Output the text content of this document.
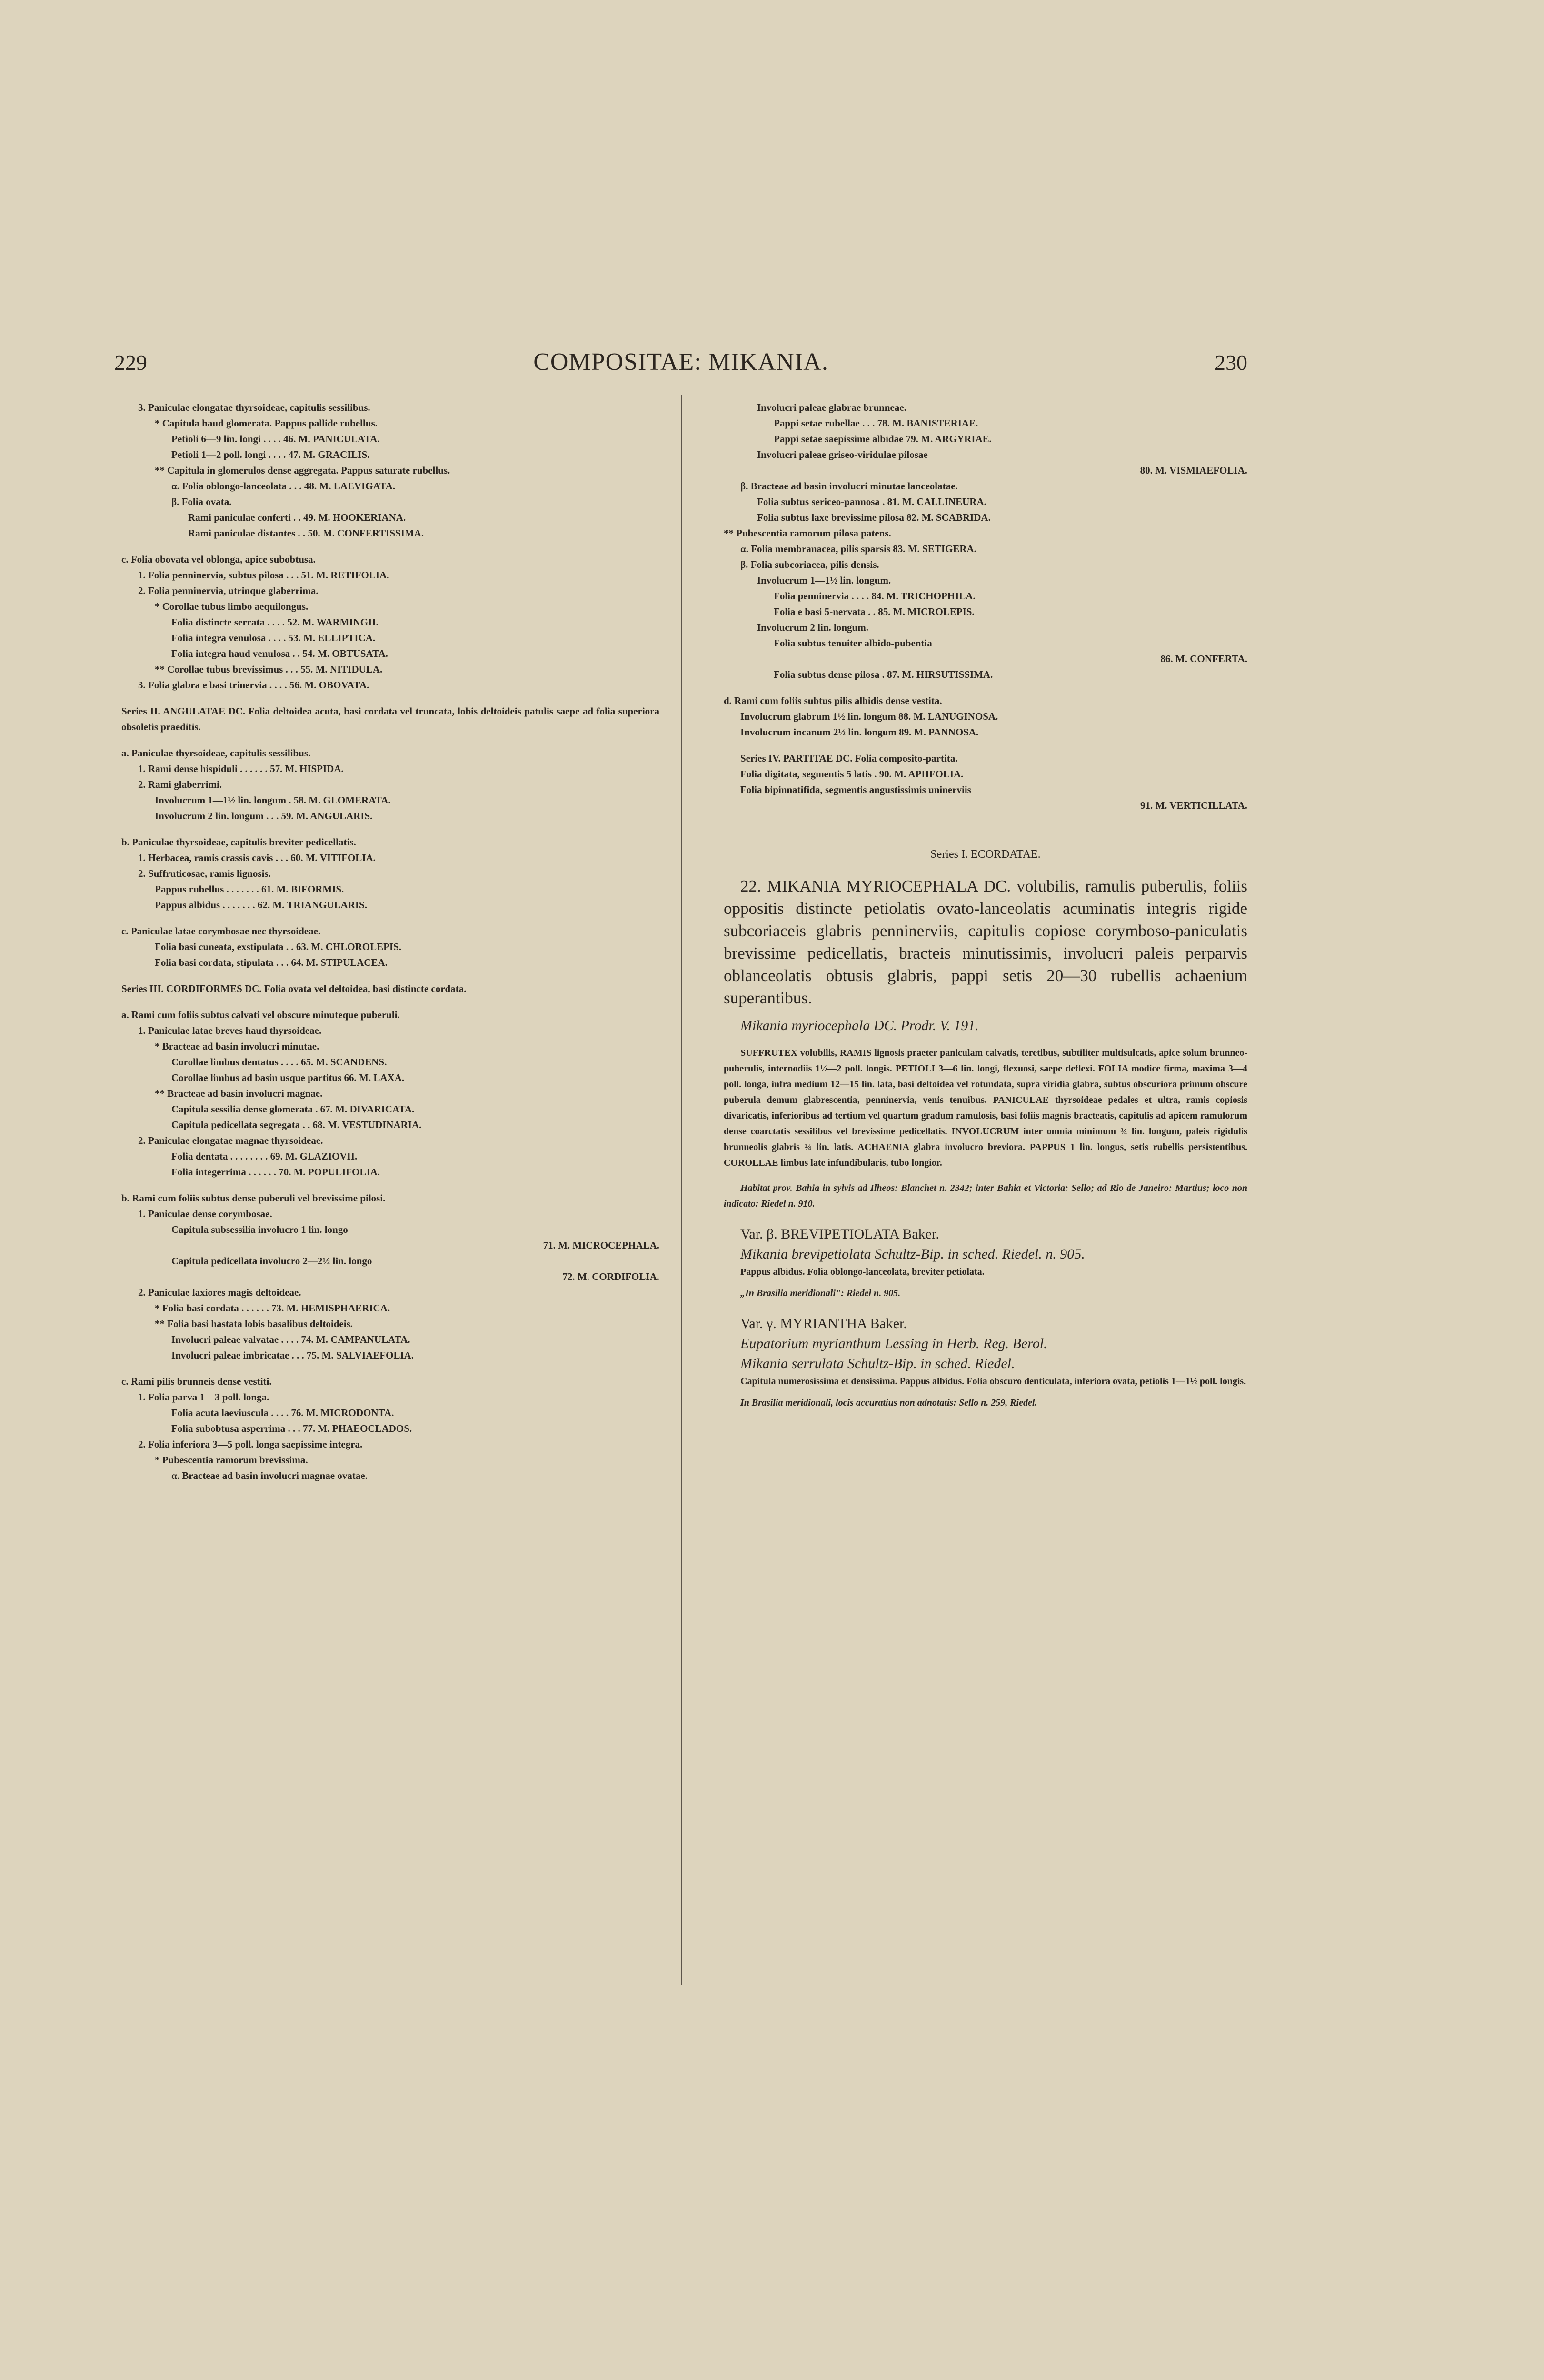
229	COMPOSITAE: MIKANIA.	230
3. Paniculae elongatae thyrsoideae, capitulis sessilibus.
* Capitula haud glomerata. Pappus pallide rubellus.
Petioli 6—9 lin. longi . . . . 46. M. PANICULATA.
Petioli 1—2 poll. longi . . . . 47. M. GRACILIS.
** Capitula in glomerulos dense aggregata. Pappus saturate rubellus.
α. Folia oblongo-lanceolata . . . 48. M. LAEVIGATA.
β. Folia ovata.
Rami paniculae conferti . . 49. M. HOOKERIANA.
Rami paniculae distantes . . 50. M. CONFERTISSIMA.
c. Folia obovata vel oblonga, apice subobtusa.
1. Folia penninervia, subtus pilosa . . . 51. M. RETIFOLIA.
2. Folia penninervia, utrinque glaberrima.
* Corollae tubus limbo aequilongus.
Folia distincte serrata . . . . 52. M. WARMINGII.
Folia integra venulosa . . . . 53. M. ELLIPTICA.
Folia integra haud venulosa . . 54. M. OBTUSATA.
** Corollae tubus brevissimus . . . 55. M. NITIDULA.
3. Folia glabra e basi trinervia . . . . 56. M. OBOVATA.
Series II. ANGULATAE DC. Folia deltoidea acuta, basi cordata vel truncata, lobis deltoideis patulis saepe ad folia superiora obsoletis praeditis.
a. Paniculae thyrsoideae, capitulis sessilibus.
1. Rami dense hispiduli . . . . . . 57. M. HISPIDA.
2. Rami glaberrimi.
Involucrum 1—1½ lin. longum . 58. M. GLOMERATA.
Involucrum 2 lin. longum . . . 59. M. ANGULARIS.
b. Paniculae thyrsoideae, capitulis breviter pedicellatis.
1. Herbacea, ramis crassis cavis . . . 60. M. VITIFOLIA.
2. Suffruticosae, ramis lignosis.
Pappus rubellus . . . . . . . 61. M. BIFORMIS.
Pappus albidus . . . . . . . 62. M. TRIANGULARIS.
c. Paniculae latae corymbosae nec thyrsoideae.
Folia basi cuneata, exstipulata . . 63. M. CHLOROLEPIS.
Folia basi cordata, stipulata . . . 64. M. STIPULACEA.
Series III. CORDIFORMES DC. Folia ovata vel deltoidea, basi distincte cordata.
a. Rami cum foliis subtus calvati vel obscure minuteque puberuli.
1. Paniculae latae breves haud thyrsoideae.
* Bracteae ad basin involucri minutae.
Corollae limbus dentatus . . . . 65. M. SCANDENS.
Corollae limbus ad basin usque partitus 66. M. LAXA.
** Bracteae ad basin involucri magnae.
Capitula sessilia dense glomerata . 67. M. DIVARICATA.
Capitula pedicellata segregata . . 68. M. VESTUDINARIA.
2. Paniculae elongatae magnae thyrsoideae.
Folia dentata . . . . . . . . 69. M. GLAZIOVII.
Folia integerrima . . . . . . 70. M. POPULIFOLIA.
b. Rami cum foliis subtus dense puberuli vel brevissime pilosi.
1. Paniculae dense corymbosae.
Capitula subsessilia involucro 1 lin. longo
71. M. MICROCEPHALA.
Capitula pedicellata involucro 2—2½ lin. longo
72. M. CORDIFOLIA.
2. Paniculae laxiores magis deltoideae.
* Folia basi cordata . . . . . . 73. M. HEMISPHAERICA.
** Folia basi hastata lobis basalibus deltoideis.
Involucri paleae valvatae . . . . 74. M. CAMPANULATA.
Involucri paleae imbricatae . . . 75. M. SALVIAEFOLIA.
c. Rami pilis brunneis dense vestiti.
1. Folia parva 1—3 poll. longa.
Folia acuta laeviuscula . . . . 76. M. MICRODONTA.
Folia subobtusa asperrima . . . 77. M. PHAEOCLADOS.
2. Folia inferiora 3—5 poll. longa saepissime integra.
* Pubescentia ramorum brevissima.
α. Bracteae ad basin involucri magnae ovatae.
Involucri paleae glabrae brunneae.
Pappi setae rubellae . . . 78. M. BANISTERIAE.
Pappi setae saepissime albidae 79. M. ARGYRIAE.
Involucri paleae griseo-viridulae pilosae
80. M. VISMIAEFOLIA.
β. Bracteae ad basin involucri minutae lanceolatae.
Folia subtus sericeo-pannosa . 81. M. CALLINEURA.
Folia subtus laxe brevissime pilosa 82. M. SCABRIDA.
** Pubescentia ramorum pilosa patens.
α. Folia membranacea, pilis sparsis 83. M. SETIGERA.
β. Folia subcoriacea, pilis densis.
Involucrum 1—1½ lin. longum.
Folia penninervia . . . . 84. M. TRICHOPHILA.
Folia e basi 5-nervata . . 85. M. MICROLEPIS.
Involucrum 2 lin. longum.
Folia subtus tenuiter albido-pubentia
86. M. CONFERTA.
Folia subtus dense pilosa . 87. M. HIRSUTISSIMA.
d. Rami cum foliis subtus pilis albidis dense vestita.
Involucrum glabrum 1½ lin. longum 88. M. LANUGINOSA.
Involucrum incanum 2½ lin. longum 89. M. PANNOSA.
Series IV. PARTITAE DC. Folia composito-partita.
Folia digitata, segmentis 5 latis . 90. M. APIIFOLIA.
Folia bipinnatifida, segmentis angustissimis uninerviis
91. M. VERTICILLATA.
Series I. ECORDATAE.
22. MIKANIA MYRIOCEPHALA DC. volubilis, ramulis puberulis, foliis oppositis distincte petiolatis ovato-lanceolatis acuminatis integris rigide subcoriaceis glabris penninerviis, capitulis copiose corymboso-paniculatis brevissime pedicellatis, bracteis minutissimis, involucri paleis perparvis oblanceolatis obtusis glabris, pappi setis 20—30 rubellis achaenium superantibus.
Mikania myriocephala DC. Prodr. V. 191.
SUFFRUTEX volubilis, RAMIS lignosis praeter paniculam calvatis, teretibus, subtiliter multisulcatis, apice solum brunneo-puberulis, internodiis 1½—2 poll. longis. PETIOLI 3—6 lin. longi, flexuosi, saepe deflexi. FOLIA modice firma, maxima 3—4 poll. longa, infra medium 12—15 lin. lata, basi deltoidea vel rotundata, supra viridia glabra, subtus obscuriora primum obscure puberula demum glabrescentia, penninervia, venis tenuibus. PANICULAE thyrsoideae pedales et ultra, ramis copiosis divaricatis, inferioribus ad tertium vel quartum gradum ramulosis, basi foliis magnis bracteatis, capitulis ad apicem ramulorum dense coarctatis sessilibus vel brevissime pedicellatis. INVOLUCRUM inter omnia minimum ¾ lin. longum, paleis rigidulis brunneolis glabris ¼ lin. latis. ACHAENIA glabra involucro breviora. PAPPUS 1 lin. longus, setis rubellis persistentibus. COROLLAE limbus late infundibularis, tubo longior.
Habitat prov. Bahia in sylvis ad Ilheos: Blanchet n. 2342; inter Bahia et Victoria: Sello; ad Rio de Janeiro: Martius; loco non indicato: Riedel n. 910.
Var. β. BREVIPETIOLATA Baker.
Mikania brevipetiolata Schultz-Bip. in sched. Riedel. n. 905.
Pappus albidus. Folia oblongo-lanceolata, breviter petiolata.
„In Brasilia meridionali": Riedel n. 905.
Var. γ. MYRIANTHA Baker.
Eupatorium myrianthum Lessing in Herb. Reg. Berol.
Mikania serrulata Schultz-Bip. in sched. Riedel.
Capitula numerosissima et densissima. Pappus albidus. Folia obscuro denticulata, inferiora ovata, petiolis 1—1½ poll. longis.
In Brasilia meridionali, locis accuratius non adnotatis: Sello n. 259, Riedel.
